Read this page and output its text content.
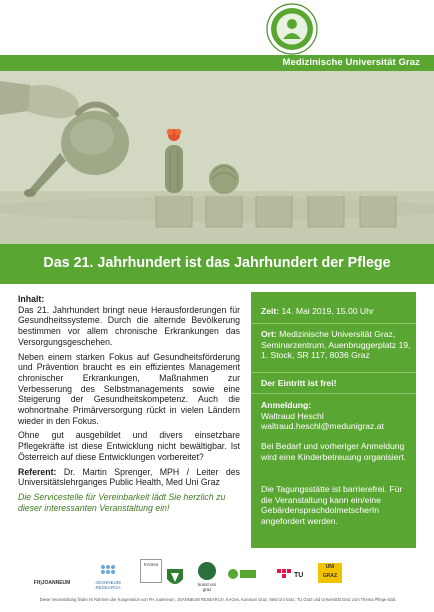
Medizinische Universität Graz
Das 21. Jahrhundert ist das Jahrhundert der Pflege

Inhalt:
Das 21. Jahrhundert bringt neue Herausforderungen für Gesundheitssysteme. Durch die alternde Bevölkerung bestimmen vor allem chronische Erkrankungen das Versorgungsgeschehen.

Neben einem starken Fokus auf Gesundheitsförderung und Prävention braucht es ein effizientes Management chronischer Erkrankungen, Maßnahmen zur Verbesserung des Selbstmanagements sowie eine Steigerung der Gesundheitskompetenz. Auch die wohnortnahe Primärversorgung rückt in vielen Ländern wieder in den Fokus.

Ohne gut ausgebildet und divers einsetzbare Pflegekräfte ist diese Entwicklung nicht bewältigbar. Ist Österreich auf diese Entwicklungen vorbereitet?

Referent: Dr. Martin Sprenger, MPH / Leiter des Universitätslehrganges Public Health, Med Uni Graz

Die Servicestelle für Vereinbarkeit lädt Sie herzlich zu dieser interessanten Veranstaltung ein!

Zeit: 14. Mai 2019, 15.00 Uhr
Ort: Medizinische Universität Graz, Seminarzentrum, Auenbruggerplatz 19, 1. Stock, SR 117, 8036 Graz
Der Eintritt ist frei!
Anmeldung:
Waltraud Heschl
waltraud.heschl@medunigraz.at
Bei Bedarf und vorheriger Anmeldung wird eine Kinderbetreuung organisiert.
Die Tagungsstätte ist barrierefrei. Für die Veranstaltung kann ein/eine GebärdensprachdolmetscherIn angefordert werden.
FH|JOANNEUM	JOANNEUM RESEARCH
KAGes
kunst uni graz
TU
UNI GRAZ
Diese Veranstaltung findet im Rahmen der Kooperation von FH Joanneum, JOANNEUM RESEARCH, KAGes, Kunstuni Graz, Med Uni Graz, TU Graz und Universität Graz zum Thema Pflege statt.
